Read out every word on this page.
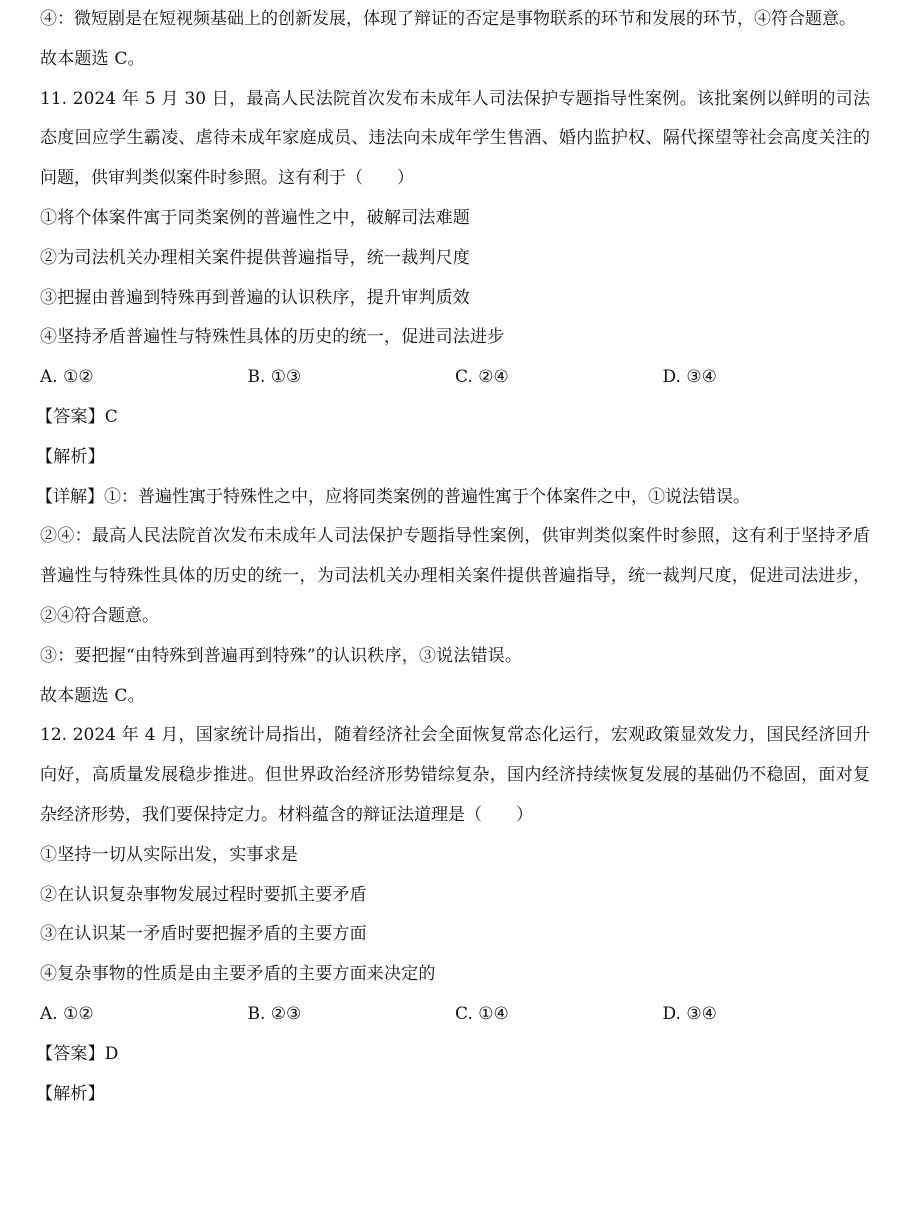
④：微短剧是在短视频基础上的创新发展，体现了辩证的否定是事物联系的环节和发展的环节，④符合题意。
故本题选 C。
11. 2024 年 5 月 30 日，最高人民法院首次发布未成年人司法保护专题指导性案例。该批案例以鲜明的司法态度回应学生霸凌、虐待未成年家庭成员、违法向未成年学生售酒、婚内监护权、隔代探望等社会高度关注的问题，供审判类似案件时参照。这有利于（　　）
①将个体案件寓于同类案例的普遍性之中，破解司法难题
②为司法机关办理相关案件提供普遍指导，统一裁判尺度
③把握由普遍到特殊再到普遍的认识秩序，提升审判质效
④坚持矛盾普遍性与特殊性具体的历史的统一，促进司法进步
A. ①②	B. ①③	C. ②④	D. ③④
【答案】C
【解析】
【详解】①：普遍性寓于特殊性之中，应将同类案例的普遍性寓于个体案件之中，①说法错误。
②④：最高人民法院首次发布未成年人司法保护专题指导性案例，供审判类似案件时参照，这有利于坚持矛盾普遍性与特殊性具体的历史的统一，为司法机关办理相关案件提供普遍指导，统一裁判尺度，促进司法进步，②④符合题意。
③：要把握“由特殊到普遍再到特殊”的认识秩序，③说法错误。
故本题选 C。
12. 2024 年 4 月，国家统计局指出，随着经济社会全面恢复常态化运行，宏观政策显效发力，国民经济回升向好，高质量发展稳步推进。但世界政治经济形势错综复杂，国内经济持续恢复发展的基础仍不稳固，面对复杂经济形势，我们要保持定力。材料蕴含的辩证法道理是（　　）
①坚持一切从实际出发，实事求是
②在认识复杂事物发展过程时要抓主要矛盾
③在认识某一矛盾时要把握矛盾的主要方面
④复杂事物的性质是由主要矛盾的主要方面来决定的
A. ①②	B. ②③	C. ①④	D. ③④
【答案】D
【解析】
